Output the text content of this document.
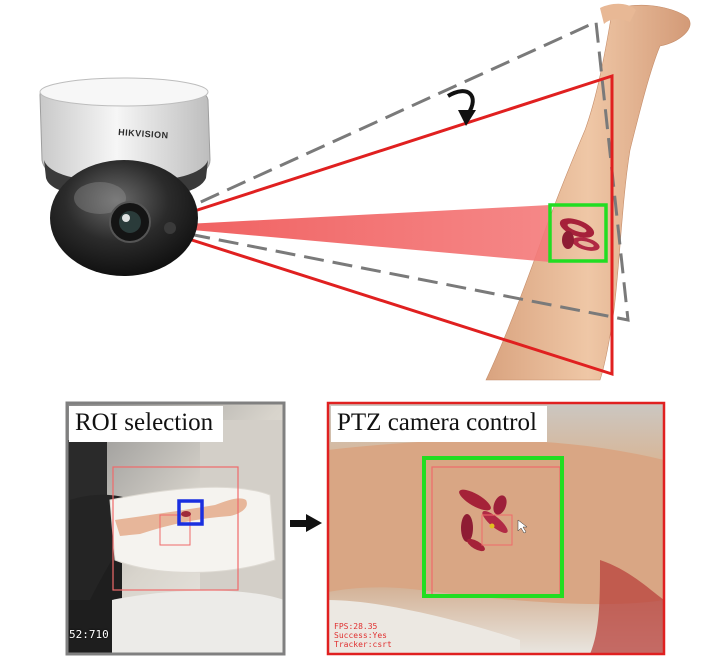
HIKVISION
ROI selection
52:710
PTZ camera control
FPS:28.35
Success:Yes
Tracker:csrt
